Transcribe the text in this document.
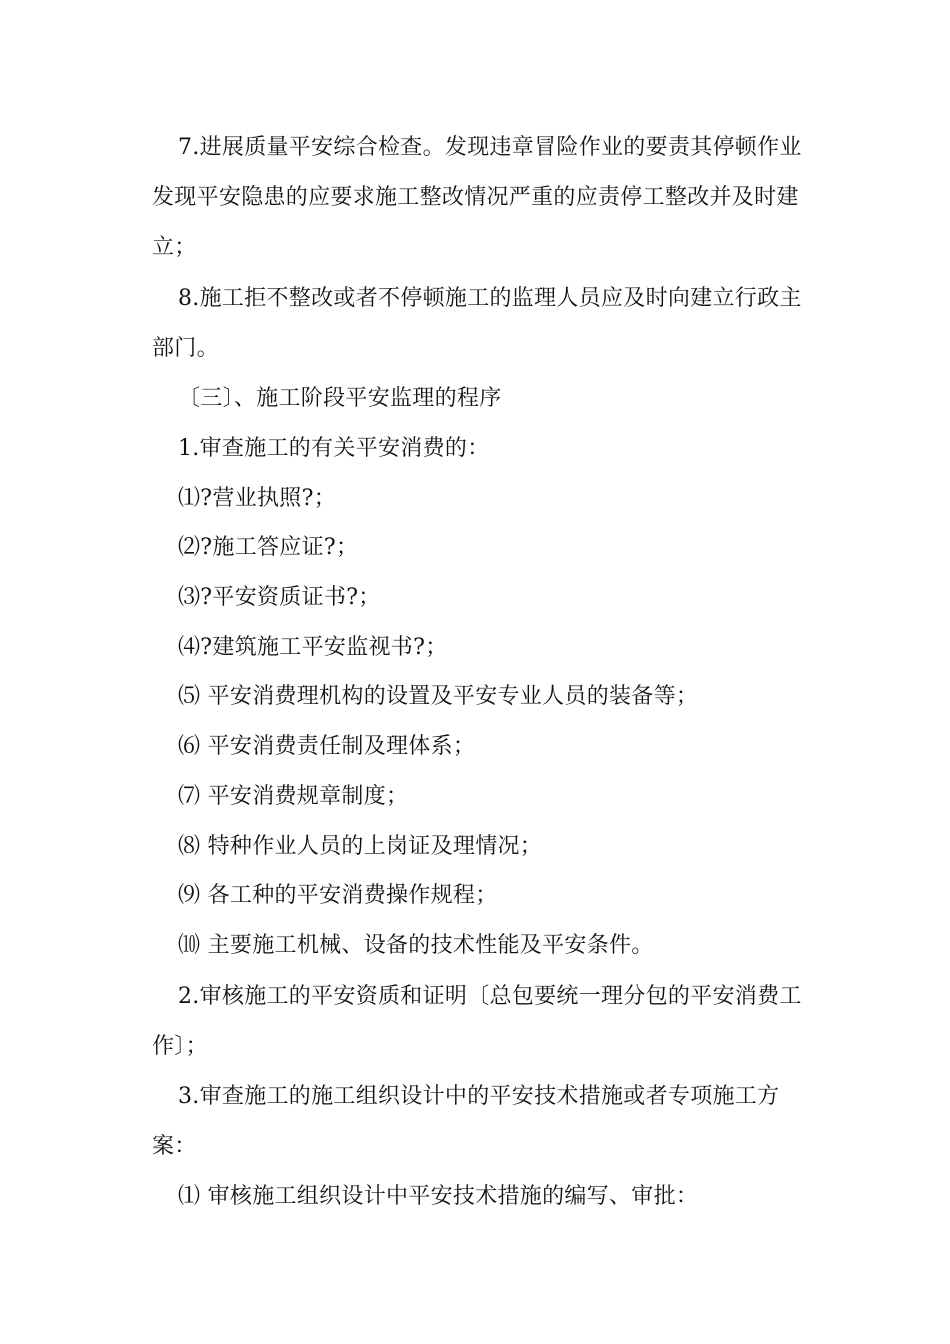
7.进展质量平安综合检查。发现违章冒险作业的要责其停顿作业
发现平安隐患的应要求施工整改情况严重的应责停工整改并及时建
立；
8.施工拒不整改或者不停顿施工的监理人员应及时向建立行政主
部门。
〔三〕、施工阶段平安监理的程序
1.审查施工的有关平安消费的：
⑴?营业执照?；
⑵?施工答应证?；
⑶?平安资质证书?；
⑷?建筑施工平安监视书?；
⑸ 平安消费理机构的设置及平安专业人员的装备等；
⑹ 平安消费责任制及理体系；
⑺ 平安消费规章制度；
⑻ 特种作业人员的上岗证及理情况；
⑼ 各工种的平安消费操作规程；
⑽ 主要施工机械、设备的技术性能及平安条件。
2.审核施工的平安资质和证明〔总包要统一理分包的平安消费工
作〕；
3.审查施工的施工组织设计中的平安技术措施或者专项施工方
案：
⑴ 审核施工组织设计中平安技术措施的编写、审批：
